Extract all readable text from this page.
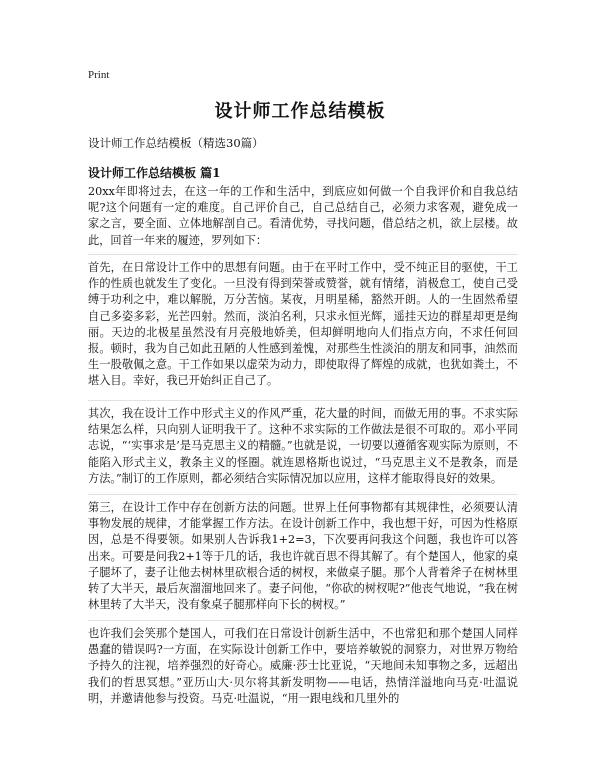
Print
设计师工作总结模板
设计师工作总结模板（精选30篇）
设计师工作总结模板 篇1

20xx年即将过去，在这一年的工作和生活中，到底应如何做一个自我评价和自我总结呢?这个问题有一定的难度。自己评价自己，自己总结自己，必须力求客观，避免成一家之言，要全面、立体地解剖自己。看清优势，寻找问题，借总结之机，欲上层楼。故此，回首一年来的履迹，罗列如下：

首先，在日常设计工作中的思想有问题。由于在平时工作中，受不纯正目的驱使，干工作的性质也就发生了变化。一旦没有得到荣誉或赞誉，就有情绪，消极怠工，使自己受缚于功利之中，难以解脱，万分苦恼。某夜，月明星稀，豁然开朗。人的一生固然希望自己多姿多彩，光芒四射。然而，淡泊名利，只求永恒光辉，遥挂天边的群星却更是绚丽。天边的北极星虽然没有月亮般地娇美，但却鲜明地向人们指点方向，不求任何回报。顿时，我为自己如此丑陋的人性感到羞愧，对那些生性淡泊的朋友和同事，油然而生一股敬佩之意。干工作如果以虚荣为动力，即使取得了辉煌的成就，也犹如粪土，不堪入目。幸好，我已开始纠正自己了。

其次，我在设计工作中形式主义的作风严重，花大量的时间，而做无用的事。不求实际结果怎么样，只向别人证明我干了。这种不求实际的工作做法是很不可取的。邓小平同志说，“‘实事求是’是马克思主义的精髓。”也就是说，一切要以遵循客观实际为原则，不能陷入形式主义，教条主义的怪圈。就连恩格斯也说过，“马克思主义不是教条，而是方法。”制订的工作原则，都必须结合实际情况加以应用，这样才能取得良好的效果。

第三，在设计工作中存在创新方法的问题。世界上任何事物都有其规律性，必须要认清事物发展的规律，才能掌握工作方法。在设计创新工作中，我也想干好，可因为性格原因，总是不得要领。如果别人告诉我1+2=3，下次要再问我这个问题，我也许可以答出来。可要是问我2+1等于几的话，我也许就百思不得其解了。有个楚国人，他家的桌子腿坏了，妻子让他去树林里砍根合适的树杈，来做桌子腿。那个人背着斧子在树林里转了大半天，最后灰溜溜地回来了。妻子问他，“你砍的树杈呢?”他丧气地说，“我在树林里转了大半天，没有象桌子腿那样向下长的树杈。”

也许我们会笑那个楚国人，可我们在日常设计创新生活中，不也常犯和那个楚国人同样愚蠢的错误吗?一方面，在实际设计创新工作中，要培养敏锐的洞察力，对世界万物给予持久的注视，培养强烈的好奇心。威廉·莎士比亚说，“天地间未知事物之多，远超出我们的哲思冥想。”亚历山大·贝尔将其新发明物——电话，热情洋溢地向马克·吐温说明，并邀请他参与投资。马克·吐温说，“用一跟电线和几里外的
